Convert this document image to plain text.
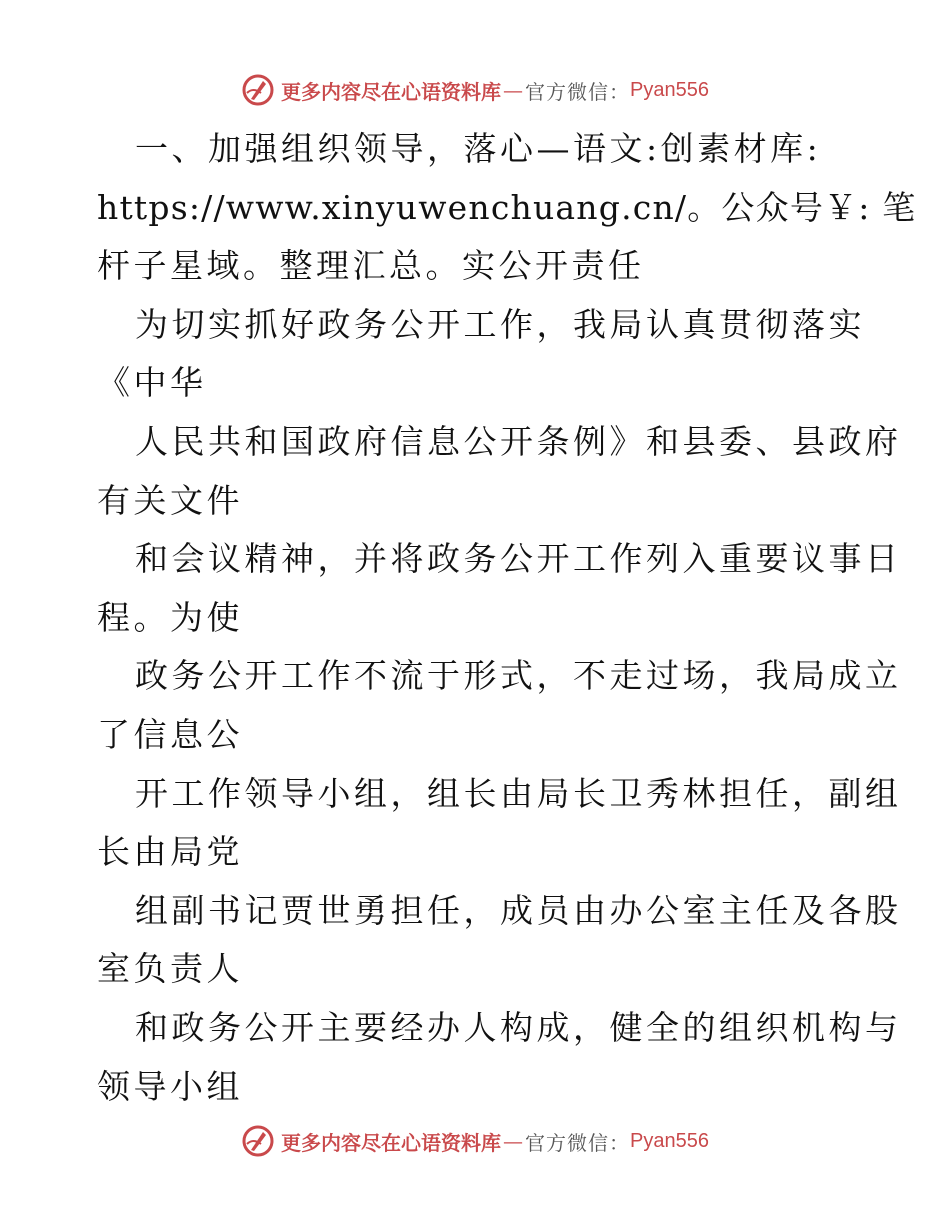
更多内容尽在心语资料库 — 官方微信： Pyan556
一、加强组织领导，落心—语文:创素材库:
https://www.xinyuwenchuang.cn/。公众号￥: 笔
杆子星域。整理汇总。实公开责任
为切实抓好政务公开工作，我局认真贯彻落实
《中华
人民共和国政府信息公开条例》和县委、县政府
有关文件
和会议精神，并将政务公开工作列入重要议事日
程。为使
政务公开工作不流于形式，不走过场，我局成立
了信息公
开工作领导小组，组长由局长卫秀林担任，副组
长由局党
组副书记贾世勇担任，成员由办公室主任及各股
室负责人
和政务公开主要经办人构成，健全的组织机构与
领导小组
更多内容尽在心语资料库 — 官方微信： Pyan556
